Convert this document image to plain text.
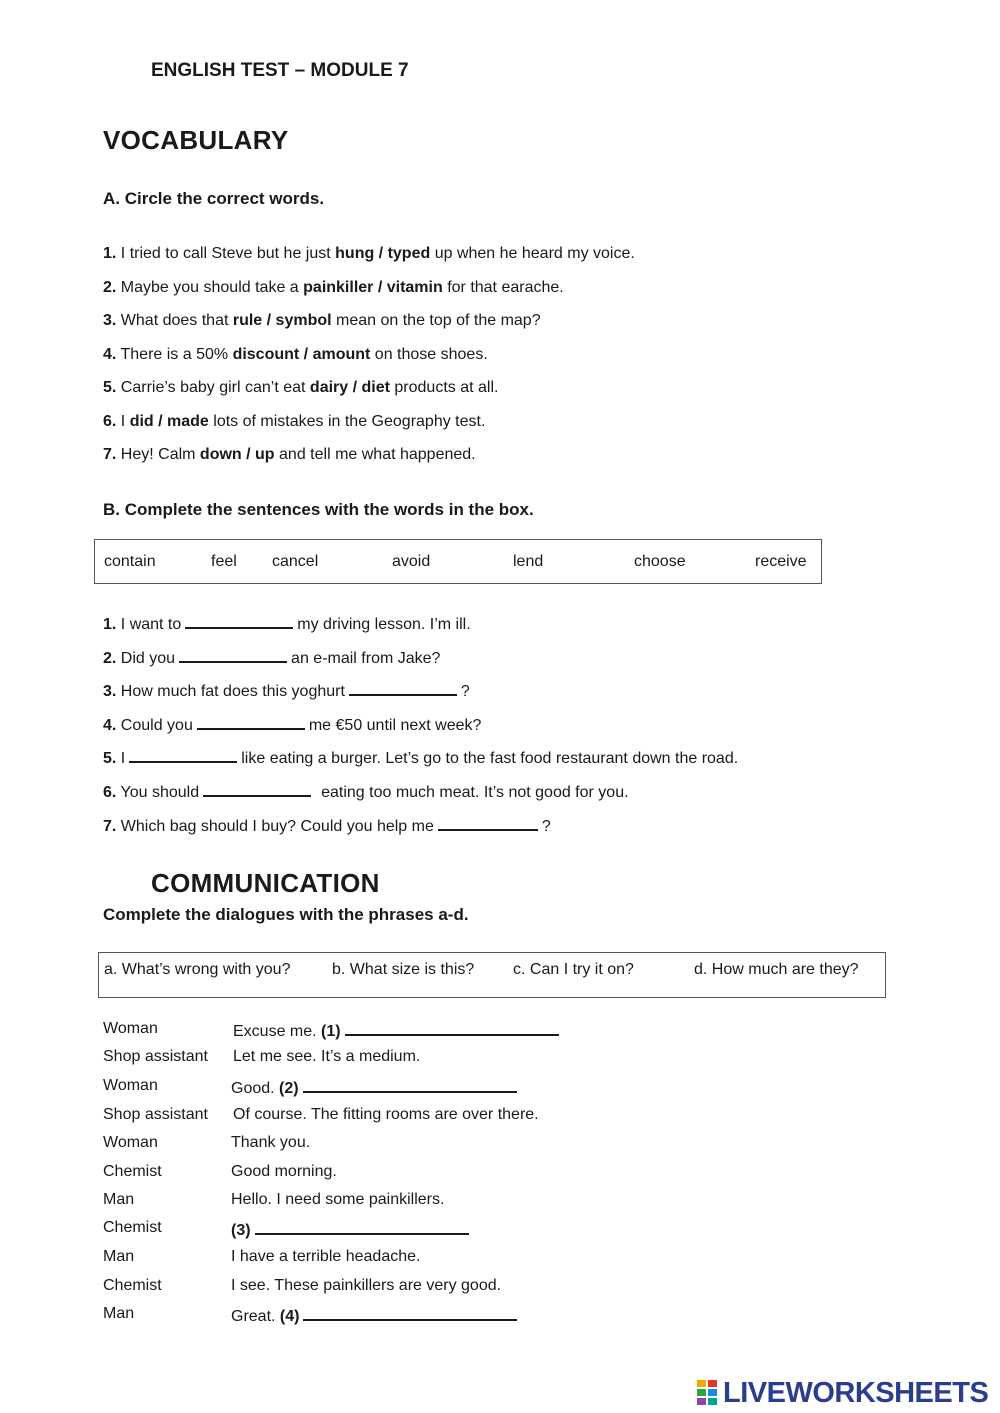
ENGLISH TEST – MODULE 7
VOCABULARY
A. Circle the correct words.
1. I tried to call Steve but he just hung / typed up when he heard my voice.
2. Maybe you should take a painkiller / vitamin for that earache.
3. What does that rule / symbol mean on the top of the map?
4. There is a 50% discount / amount on those shoes.
5. Carrie’s baby girl can’t eat dairy / diet products at all.
6. I did / made lots of mistakes in the Geography test.
7. Hey! Calm down / up and tell me what happened.
B. Complete the sentences with the words in the box.
contain	feel cancel	avoid	lend	choose	receive
1. I want to	my driving lesson. I’m ill.
2. Did you	an e-mail from Jake?
3. How much fat does this yoghurt	?
4. Could you	me €50 until next week?
5. I	like eating a burger. Let’s go to the fast food restaurant down the road.
6. You should	eating too much meat. It’s not good for you.
7. Which bag should I buy? Could you help me	?
COMMUNICATION
Complete the dialogues with the phrases a-d.
a. What’s wrong with you?	b. What size is this? c. Can I try it on?	d. How much are they?
Woman	Excuse me. (1)
Shop assistant Let me see. It’s a medium.
Woman	Good. (2)
Shop assistant Of course. The fitting rooms are over there.
Woman	Thank you.
Chemist	Good morning.
Man	Hello. I need some painkillers.
Chemist	(3)
Man	I have a terrible headache.
Chemist	I see. These painkillers are very good.
Man	Great. (4)
LIVEWORKSHEETS
